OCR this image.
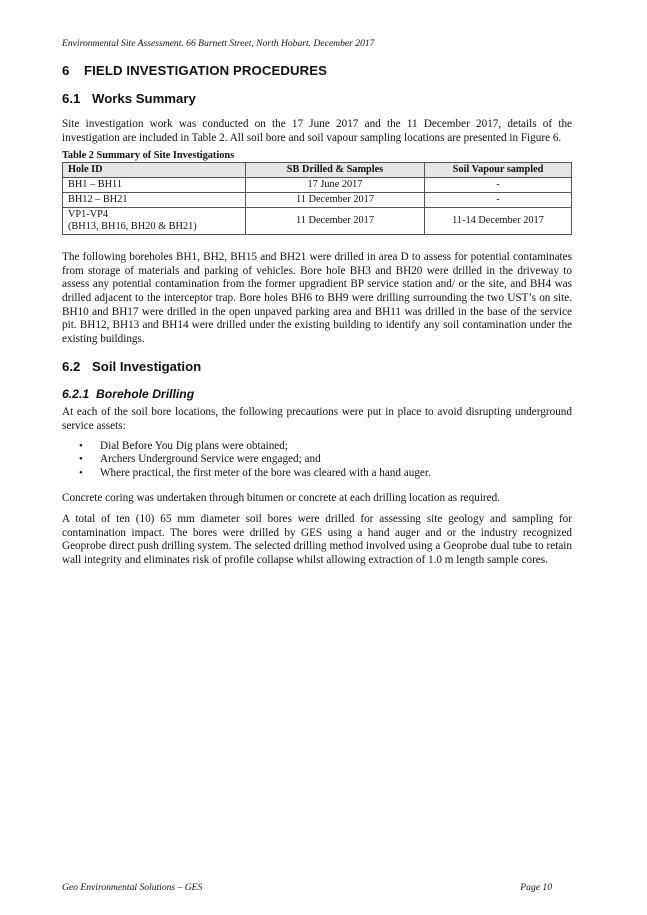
Environmental Site Assessment. 66 Burnett Street, North Hobart. December 2017
6 FIELD INVESTIGATION PROCEDURES
6.1 Works Summary

Site investigation work was conducted on the 17 June 2017 and the 11 December 2017, details of the investigation are included in Table 2. All soil bore and soil vapour sampling locations are presented in Figure 6.

Table 2 Summary of Site Investigations
Hole ID	SB Drilled & Samples	Soil Vapour sampled
BH1 – BH11	17 June 2017	-
BH12 – BH21	11 December 2017	-

VP1-VP4
(BH13, BH16, BH20 & BH21)	11 December 2017	11-14 December 2017

The following boreholes BH1, BH2, BH15 and BH21 were drilled in area D to assess for potential contaminates from storage of materials and parking of vehicles. Bore hole BH3 and BH20 were drilled in the driveway to assess any potential contamination from the former upgradient BP service station and/ or the site, and BH4 was drilled adjacent to the interceptor trap. Bore holes BH6 to BH9 were drilling surrounding the two UST’s on site. BH10 and BH17 were drilled in the open unpaved parking area and BH11 was drilled in the base of the service pit. BH12, BH13 and BH14 were drilled under the existing building to identify any soil contamination under the existing buildings.

6.2 Soil Investigation
6.2.1 Borehole Drilling

At each of the soil bore locations, the following precautions were put in place to avoid disrupting underground service assets:

• Dial Before You Dig plans were obtained;
• Archers Underground Service were engaged; and
• Where practical, the first meter of the bore was cleared with a hand auger.

Concrete coring was undertaken through bitumen or concrete at each drilling location as required.

A total of ten (10) 65 mm diameter soil bores were drilled for assessing site geology and sampling for contamination impact. The bores were drilled by GES using a hand auger and or the industry recognized Geoprobe direct push drilling system. The selected drilling method involved using a Geoprobe dual tube to retain wall integrity and eliminates risk of profile collapse whilst allowing extraction of 1.0 m length sample cores.

Geo Environmental Solutions – GES	Page 10
